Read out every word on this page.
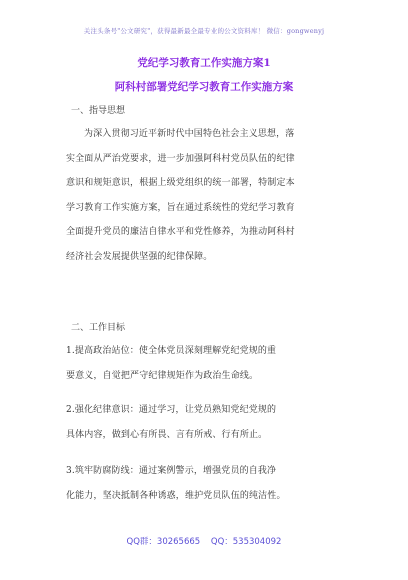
关注头条号"公文研究"，获得最新最全最专业的公文资料库！ 微信：gongwenyj
党纪学习教育工作实施方案1
阿科村部署党纪学习教育工作实施方案
一、指导思想
为深入贯彻习近平新时代中国特色社会主义思想，落
实全面从严治党要求，进一步加强阿科村党员队伍的纪律
意识和规矩意识，根据上级党组织的统一部署，特制定本
学习教育工作实施方案，旨在通过系统性的党纪学习教育
全面提升党员的廉洁自律水平和党性修养，为推动阿科村
经济社会发展提供坚强的纪律保障。
二、工作目标
1.提高政治站位：使全体党员深刻理解党纪党规的重
要意义，自觉把严守纪律规矩作为政治生命线。
2.强化纪律意识：通过学习，让党员熟知党纪党规的
具体内容，做到心有所畏、言有所戒、行有所止。
3.筑牢防腐防线：通过案例警示，增强党员的自我净
化能力，坚决抵制各种诱惑，维护党员队伍的纯洁性。
QQ群：30265665 QQ：535304092
